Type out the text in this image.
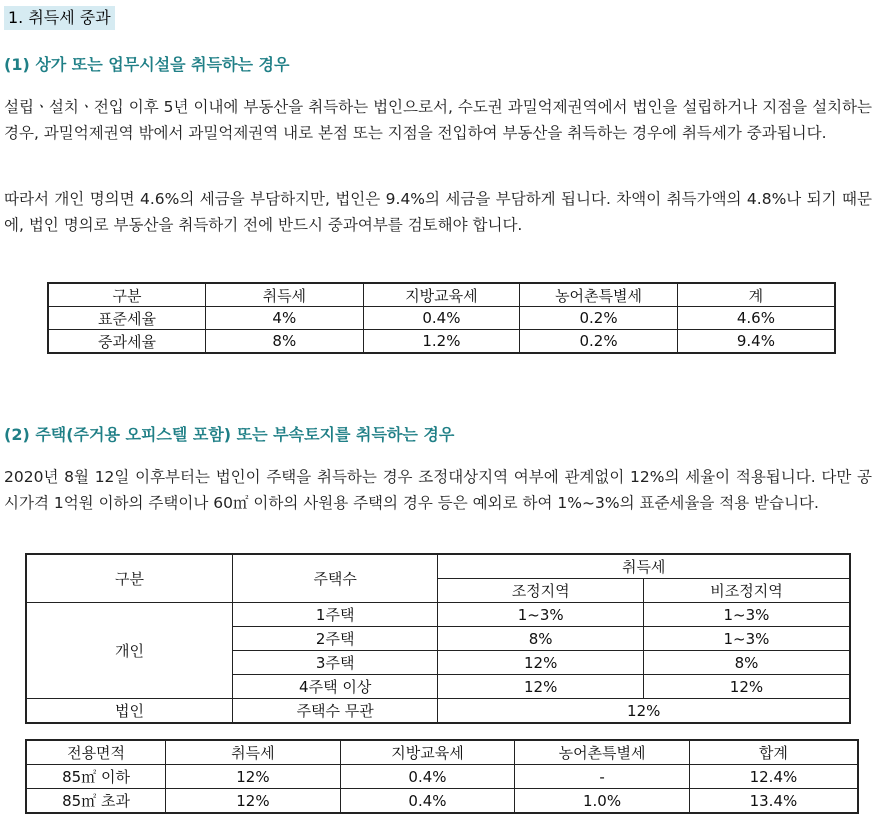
1. 취득세 중과
(1) 상가 또는 업무시설을 취득하는 경우

설립ㆍ설치ㆍ전입 이후 5년 이내에 부동산을 취득하는 법인으로서, 수도권 과밀억제권역에서 법인을 설립하거나 지점을 설치하는 경우, 과밀억제권역 밖에서 과밀억제권역 내로 본점 또는 지점을 전입하여 부동산을 취득하는 경우에 취득세가 중과됩니다.

따라서 개인 명의면 4.6%의 세금을 부담하지만, 법인은 9.4%의 세금을 부담하게 됩니다. 차액이 취득가액의 4.8%나 되기 때문에, 법인 명의로 부동산을 취득하기 전에 반드시 중과여부를 검토해야 합니다.

구분	취득세	지방교육세	농어촌특별세	계
표준세율	4%	0.4%	0.2%	4.6%
중과세율	8%	1.2%	0.2%	9.4%
(2) 주택(주거용 오피스텔 포함) 또는 부속토지를 취득하는 경우

2020년 8월 12일 이후부터는 법인이 주택을 취득하는 경우 조정대상지역 여부에 관계없이 12%의 세율이 적용됩니다. 다만 공시가격 1억원 이하의 주택이나 60㎡ 이하의 사원용 주택의 경우 등은 예외로 하여 1%~3%의 표준세율을 적용 받습니다.

구분	주택수	취득세	
		조정지역	비조정지역
개인	1주택	1~3%	1~3%
	2주택	8%	1~3%
	3주택	12%	8%
	4주택 이상	12%	12%
법인	주택수 무관	12%	
전용면적	취득세	지방교육세	농어촌특별세	합계
85㎡ 이하	12%	0.4%	-	12.4%
85㎡ 초과	12%	0.4%	1.0%	13.4%
